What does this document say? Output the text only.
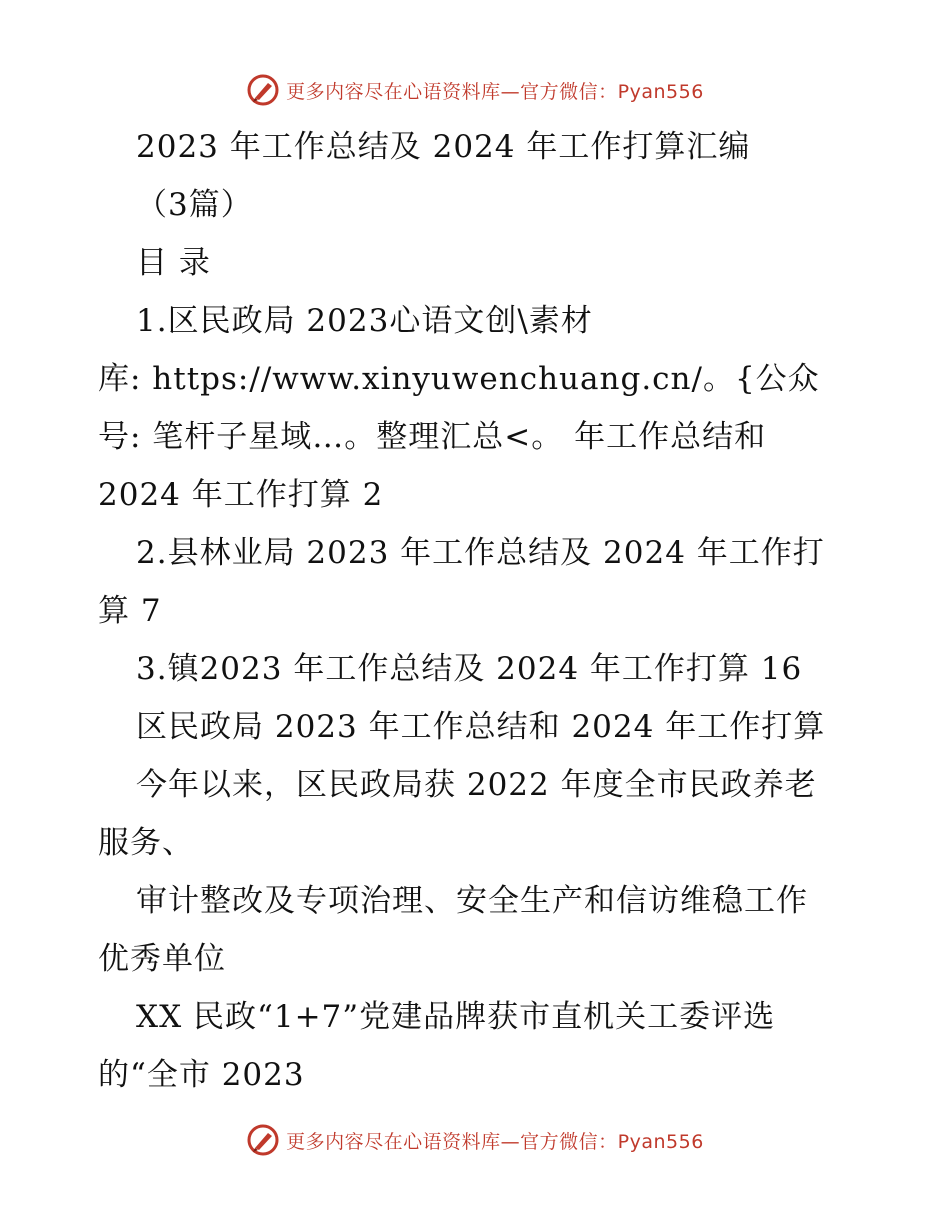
更多内容尽在心语资料库—官方微信：Pyan556
2023 年工作总结及 2024 年工作打算汇编
（3篇）
目 录
1.区民政局 2023心语文创\素材
库: https://www.xinyuwenchuang.cn/。{公众
号: 笔杆子星域…。整理汇总<。 年工作总结和
2024 年工作打算 2
2.县林业局 2023 年工作总结及 2024 年工作打
算 7
3.镇2023 年工作总结及 2024 年工作打算 16
区民政局 2023 年工作总结和 2024 年工作打算
今年以来，区民政局获 2022 年度全市民政养老
服务、
审计整改及专项治理、安全生产和信访维稳工作
优秀单位
XX 民政“1+7”党建品牌获市直机关工委评选
的“全市 2023
更多内容尽在心语资料库—官方微信：Pyan556
